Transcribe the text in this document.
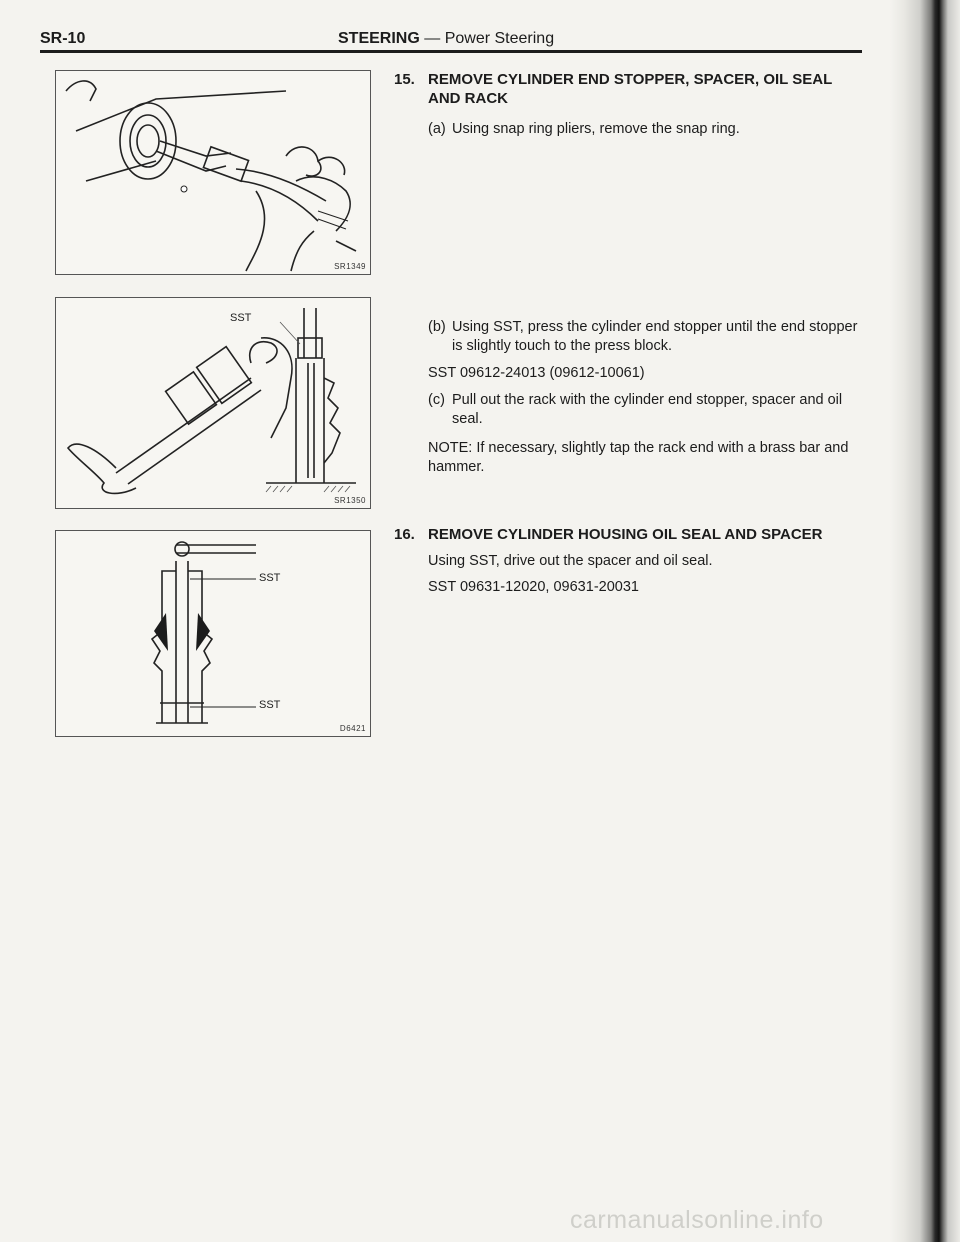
SR-10	STEERING — Power Steering
SR1349
SST
SR1350
SST
SST
D6421
15. REMOVE CYLINDER END STOPPER, SPACER, OIL SEAL AND RACK
(a) Using snap ring pliers, remove the snap ring.
(b) Using SST, press the cylinder end stopper until the end stopper is slightly touch to the press block.
SST 09612-24013 (09612-10061)
(c) Pull out the rack with the cylinder end stopper, spacer and oil seal.
NOTE: If necessary, slightly tap the rack end with a brass bar and hammer.
16. REMOVE CYLINDER HOUSING OIL SEAL AND SPACER
Using SST, drive out the spacer and oil seal.
SST 09631-12020, 09631-20031
carmanualsonline.info
